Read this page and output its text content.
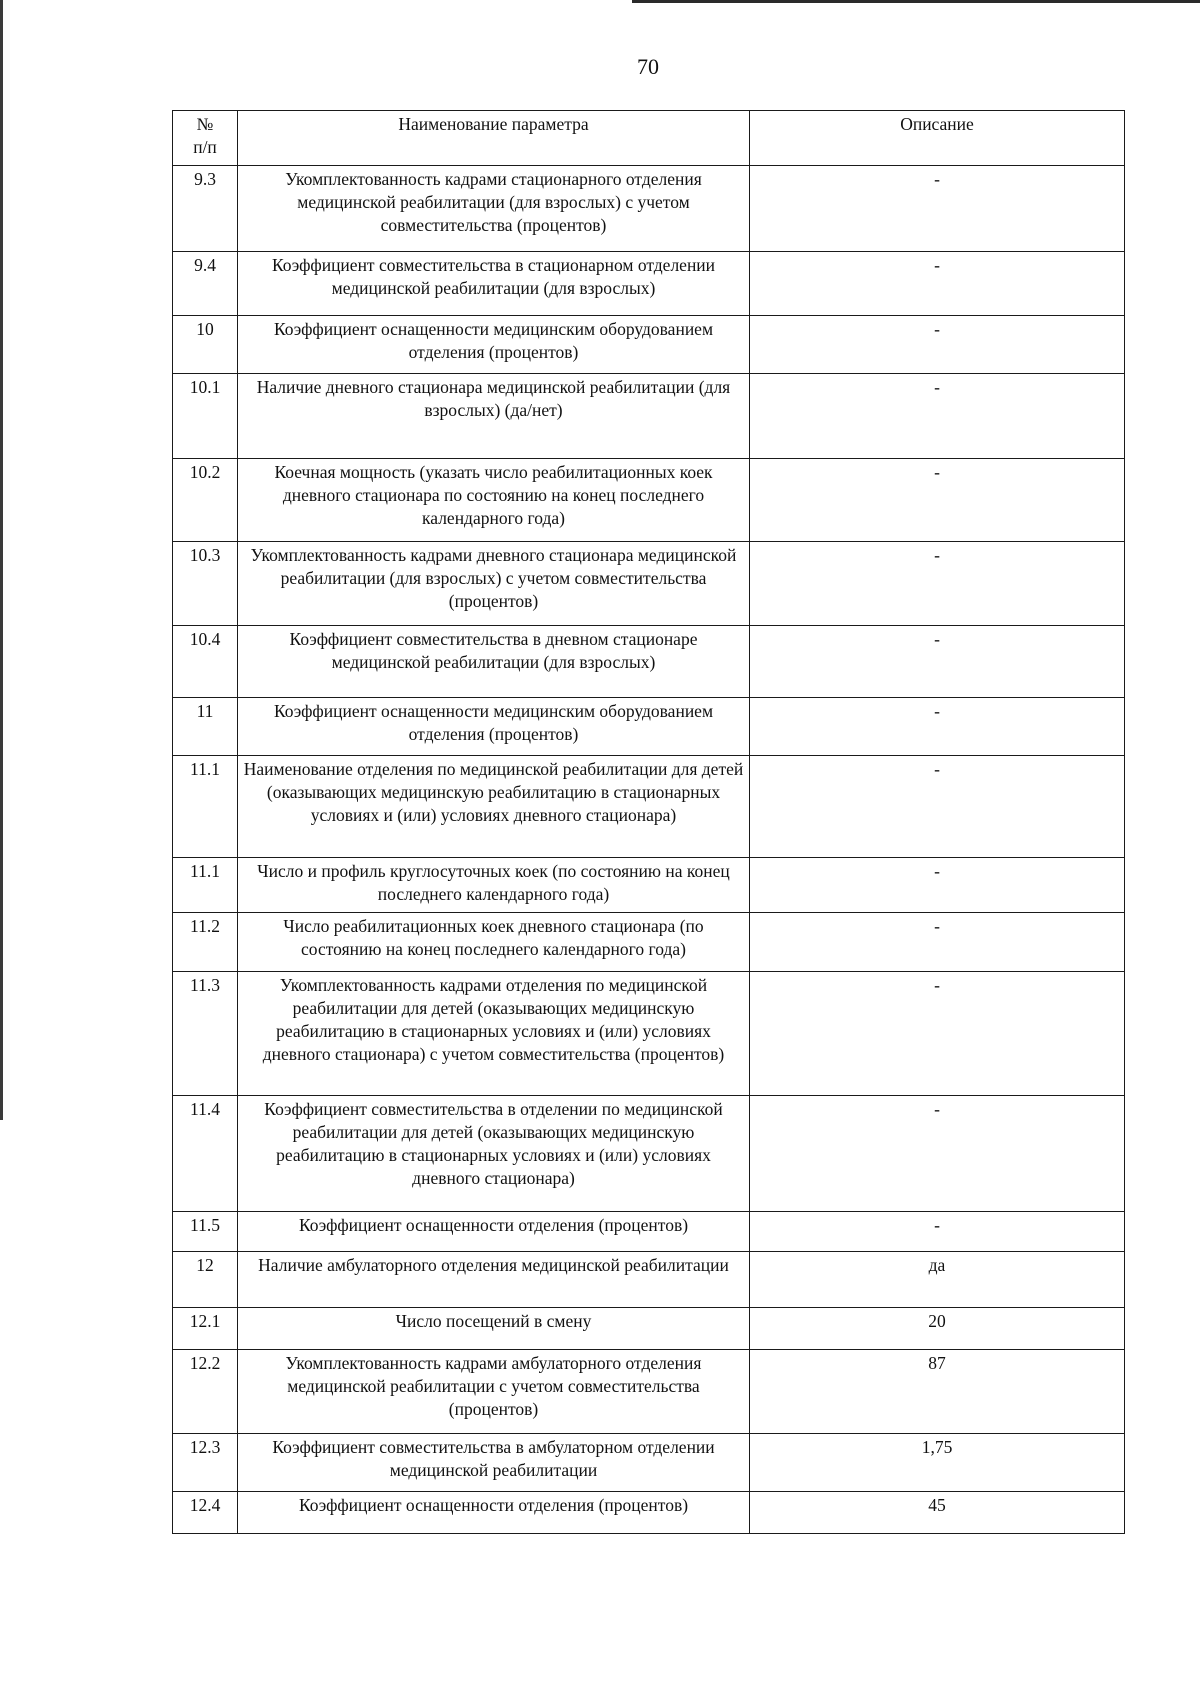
70
№
п/п	Наименование параметра	Описание
9.3	Укомплектованность кадрами стационарного отделения медицинской реабилитации (для взрослых) с учетом совместительства (процентов)	-
9.4	Коэффициент совместительства в стационарном отделении медицинской реабилитации (для взрослых)	-
10	Коэффициент оснащенности медицинским оборудованием отделения (процентов)	-
10.1	Наличие дневного стационара медицинской реабилитации (для взрослых) (да/нет)	-
10.2	Коечная мощность (указать число реабилитационных коек дневного стационара по состоянию на конец последнего календарного года)	-
10.3	Укомплектованность кадрами дневного стационара медицинской реабилитации (для взрослых) с учетом совместительства (процентов)	-
10.4	Коэффициент совместительства в дневном стационаре медицинской реабилитации (для взрослых)	-
11	Коэффициент оснащенности медицинским оборудованием отделения (процентов)	-
11.1	Наименование отделения по медицинской реабилитации для детей (оказывающих медицинскую реабилитацию в стационарных условиях и (или) условиях дневного стационара)	-
11.1	Число и профиль круглосуточных коек (по состоянию на конец последнего календарного года)	-
11.2	Число реабилитационных коек дневного стационара (по состоянию на конец последнего календарного года)	-
11.3	Укомплектованность кадрами отделения по медицинской реабилитации для детей (оказывающих медицинскую реабилитацию в стационарных условиях и (или) условиях дневного стационара) с учетом совместительства (процентов)	-
11.4	Коэффициент совместительства в отделении по медицинской реабилитации для детей (оказывающих медицинскую реабилитацию в стационарных условиях и (или) условиях дневного стационара)	-
11.5	Коэффициент оснащенности отделения (процентов)	-
12	Наличие амбулаторного отделения медицинской реабилитации	да
12.1	Число посещений в смену	20
12.2	Укомплектованность кадрами амбулаторного отделения медицинской реабилитации с учетом совместительства (процентов)	87
12.3	Коэффициент совместительства в амбулаторном отделении медицинской реабилитации	1,75
12.4	Коэффициент оснащенности отделения (процентов)	45
